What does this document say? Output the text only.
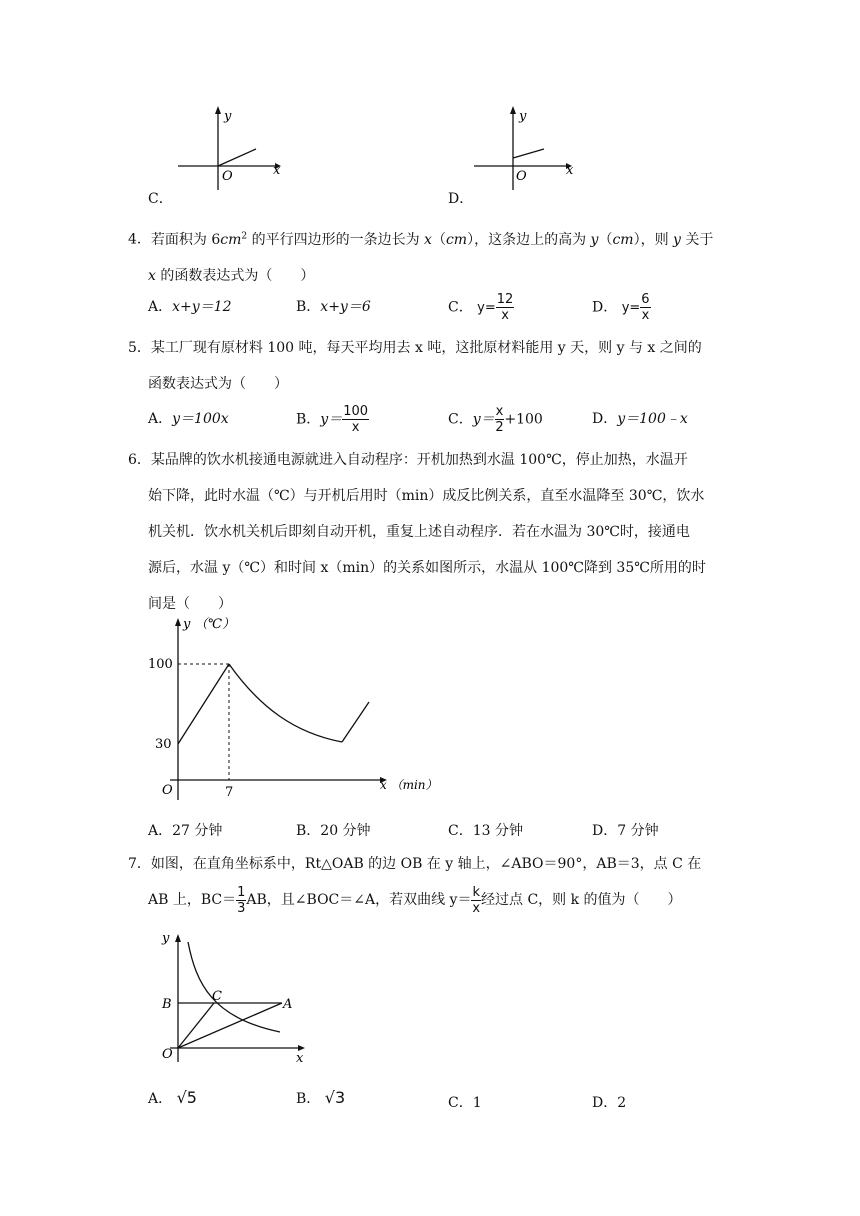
C．
y
x
O
D．
y
x
O
4．若面积为 $6cm^2$ 的平行四边形的一条边长为 x（cm），这条边上的高为 y（cm），则 y 关于
x 的函数表达式为（　　）
A．x+y＝12	B．x+y＝6	C． $y= \frac{12}{x}$	D． $y= \frac{6}{x}$
5．某工厂现有原材料 100 吨，每天平均用去 x 吨，这批原材料能用 y 天，则 y 与 x 之间的
函数表达式为（　　）
A．y＝100x	B．$y= \frac{100}{x}$	C．$y= \frac{x}{2} +100$	D．y＝100﹣x
6．某品牌的饮水机接通电源就进入自动程序：开机加热到水温 100℃，停止加热，水温开
始下降，此时水温（℃）与开机后用时（min）成反比例关系，直至水温降至 30℃，饮水
机关机．饮水机关机后即刻自动开机，重复上述自动程序．若在水温为 30℃时，接通电
源后，水温 y（℃）和时间 x（min）的关系如图所示，水温从 100℃降到 35℃所用的时
间是（　　）
y （℃）
x （min）
O
100
30
7
A．27 分钟	B．20 分钟	C．13 分钟	D．7 分钟
7．如图，在直角坐标系中，Rt△OAB 的边 OB 在 y 轴上，∠ABO＝90°，AB＝3，点 C 在
AB 上，$BC= \frac{1}{3}$ AB，且∠BOC＝∠A，若双曲线 $y= \frac{k}{x}$ 经过点 C，则 k 的值为（　　）
y
x
O
B
C
A
A． √5	B． √3	C．1	D．2
